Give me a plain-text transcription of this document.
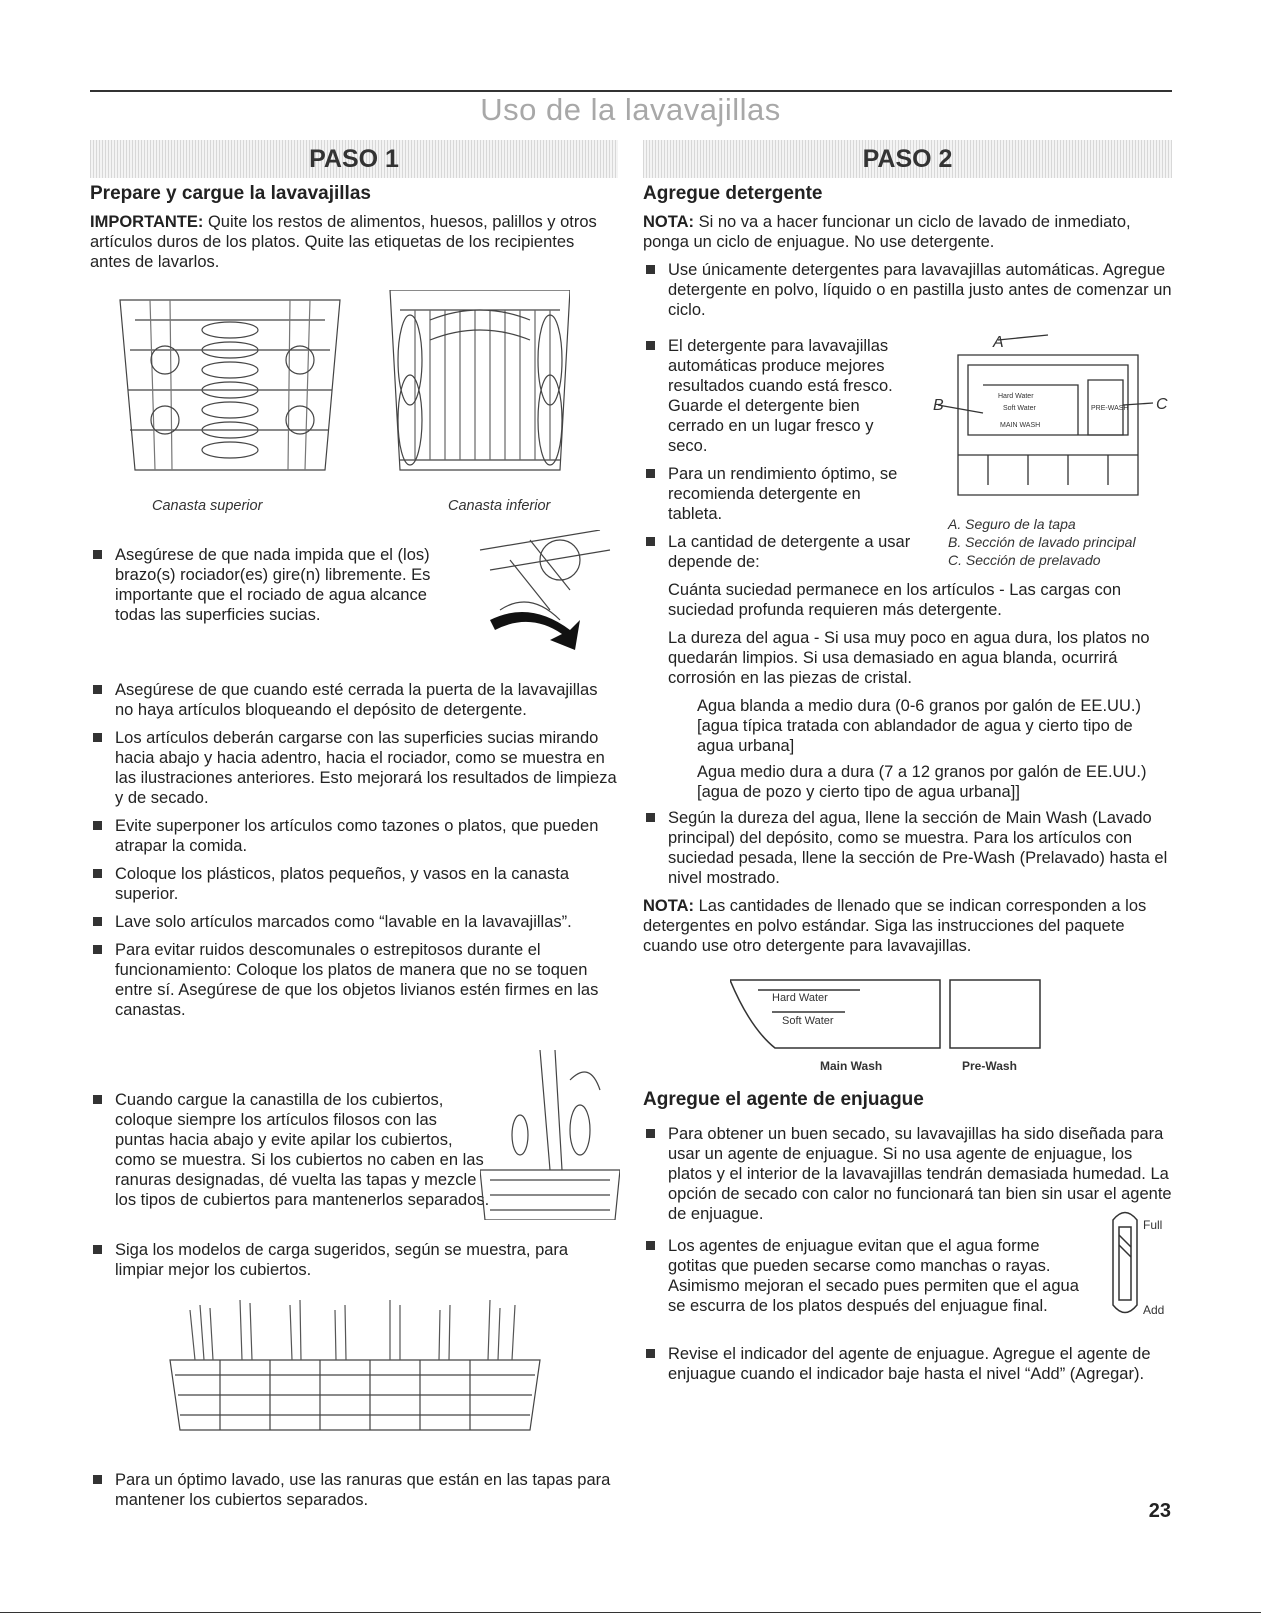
Uso de la lavavajillas
PASO 1	PASO 2
Prepare y cargue la lavavajillas
IMPORTANTE: Quite los restos de alimentos, huesos, palillos y otros artículos duros de los platos. Quite las etiquetas de los recipientes antes de lavarlos.
Canasta superior	Canasta inferior
Asegúrese de que nada impida que el (los) brazo(s) rociador(es) gire(n) libremente. Es importante que el rociado de agua alcance todas las superficies sucias.
Asegúrese de que cuando esté cerrada la puerta de la lavavajillas no haya artículos bloqueando el depósito de detergente.
Los artículos deberán cargarse con las superficies sucias mirando hacia abajo y hacia adentro, hacia el rociador, como se muestra en las ilustraciones anteriores. Esto mejorará los resultados de limpieza y de secado.
Evite superponer los artículos como tazones o platos, que pueden atrapar la comida.
Coloque los plásticos, platos pequeños, y vasos en la canasta superior.
Lave solo artículos marcados como “lavable en la lavavajillas”.
Para evitar ruidos descomunales o estrepitosos durante el funcionamiento: Coloque los platos de manera que no se toquen entre sí. Asegúrese de que los objetos livianos estén firmes en las canastas.
Cuando cargue la canastilla de los cubiertos, coloque siempre los artículos filosos con las puntas hacia abajo y evite apilar los cubiertos, como se muestra. Si los cubiertos no caben en las ranuras designadas, dé vuelta las tapas y mezcle los tipos de cubiertos para mantenerlos separados.
Siga los modelos de carga sugeridos, según se muestra, para limpiar mejor los cubiertos.
Para un óptimo lavado, use las ranuras que están en las tapas para mantener los cubiertos separados.
Agregue detergente
NOTA: Si no va a hacer funcionar un ciclo de lavado de inmediato, ponga un ciclo de enjuague. No use detergente.
Use únicamente detergentes para lavavajillas automáticas. Agregue detergente en polvo, líquido o en pastilla justo antes de comenzar un ciclo.
El detergente para lavavajillas automáticas produce mejores resultados cuando está fresco. Guarde el detergente bien cerrado en un lugar fresco y seco.
Para un rendimiento óptimo, se recomienda detergente en tableta.
La cantidad de detergente a usar depende de:
A
B	C
Hard Water
Soft Water
MAIN WASH
PRE-WASH
A. Seguro de la tapa
B. Sección de lavado principal
C. Sección de prelavado
Cuánta suciedad permanece en los artículos - Las cargas con suciedad profunda requieren más detergente.
La dureza del agua - Si usa muy poco en agua dura, los platos no quedarán limpios. Si usa demasiado en agua blanda, ocurrirá corrosión en las piezas de cristal.
Agua blanda a medio dura (0-6 granos por galón de EE.UU.) [agua típica tratada con ablandador de agua y cierto tipo de agua urbana]
Agua medio dura a dura (7 a 12 granos por galón de EE.UU.) [agua de pozo y cierto tipo de agua urbana]]
Según la dureza del agua, llene la sección de Main Wash (Lavado principal) del depósito, como se muestra. Para los artículos con suciedad pesada, llene la sección de Pre-Wash (Prelavado) hasta el nivel mostrado.
NOTA: Las cantidades de llenado que se indican corresponden a los detergentes en polvo estándar. Siga las instrucciones del paquete cuando use otro detergente para lavavajillas.
Hard Water
Soft Water
Main Wash	Pre-Wash
Agregue el agente de enjuague
Para obtener un buen secado, su lavavajillas ha sido diseñada para usar un agente de enjuague. Si no usa agente de enjuague, los platos y el interior de la lavavajillas tendrán demasiada humedad. La opción de secado con calor no funcionará tan bien sin usar el agente de enjuague.
Los agentes de enjuague evitan que el agua forme gotitas que pueden secarse como manchas o rayas. Asimismo mejoran el secado pues permiten que el agua se escurra de los platos después del enjuague final.
Full
Add
Revise el indicador del agente de enjuague. Agregue el agente de enjuague cuando el indicador baje hasta el nivel “Add” (Agregar).
23
